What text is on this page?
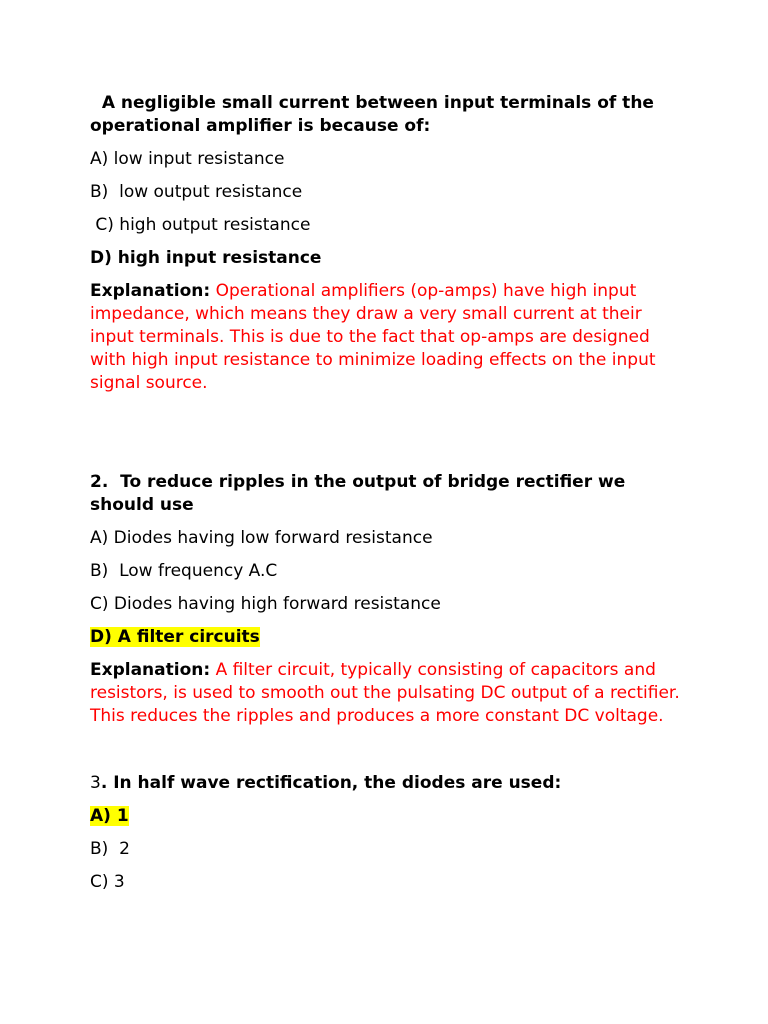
A negligible small current between input terminals of the operational amplifier is because of:

A) low input resistance

B)  low output resistance

C) high output resistance

D) high input resistance

Explanation: Operational amplifiers (op-amps) have high input impedance, which means they draw a very small current at their input terminals. This is due to the fact that op-amps are designed with high input resistance to minimize loading effects on the input signal source.

2.  To reduce ripples in the output of bridge rectifier we should use

A) Diodes having low forward resistance

B)  Low frequency A.C

C) Diodes having high forward resistance

D) A filter circuits

Explanation: A filter circuit, typically consisting of capacitors and resistors, is used to smooth out the pulsating DC output of a rectifier. This reduces the ripples and produces a more constant DC voltage.

3. In half wave rectification, the diodes are used:

A) 1

B)  2

C) 3
